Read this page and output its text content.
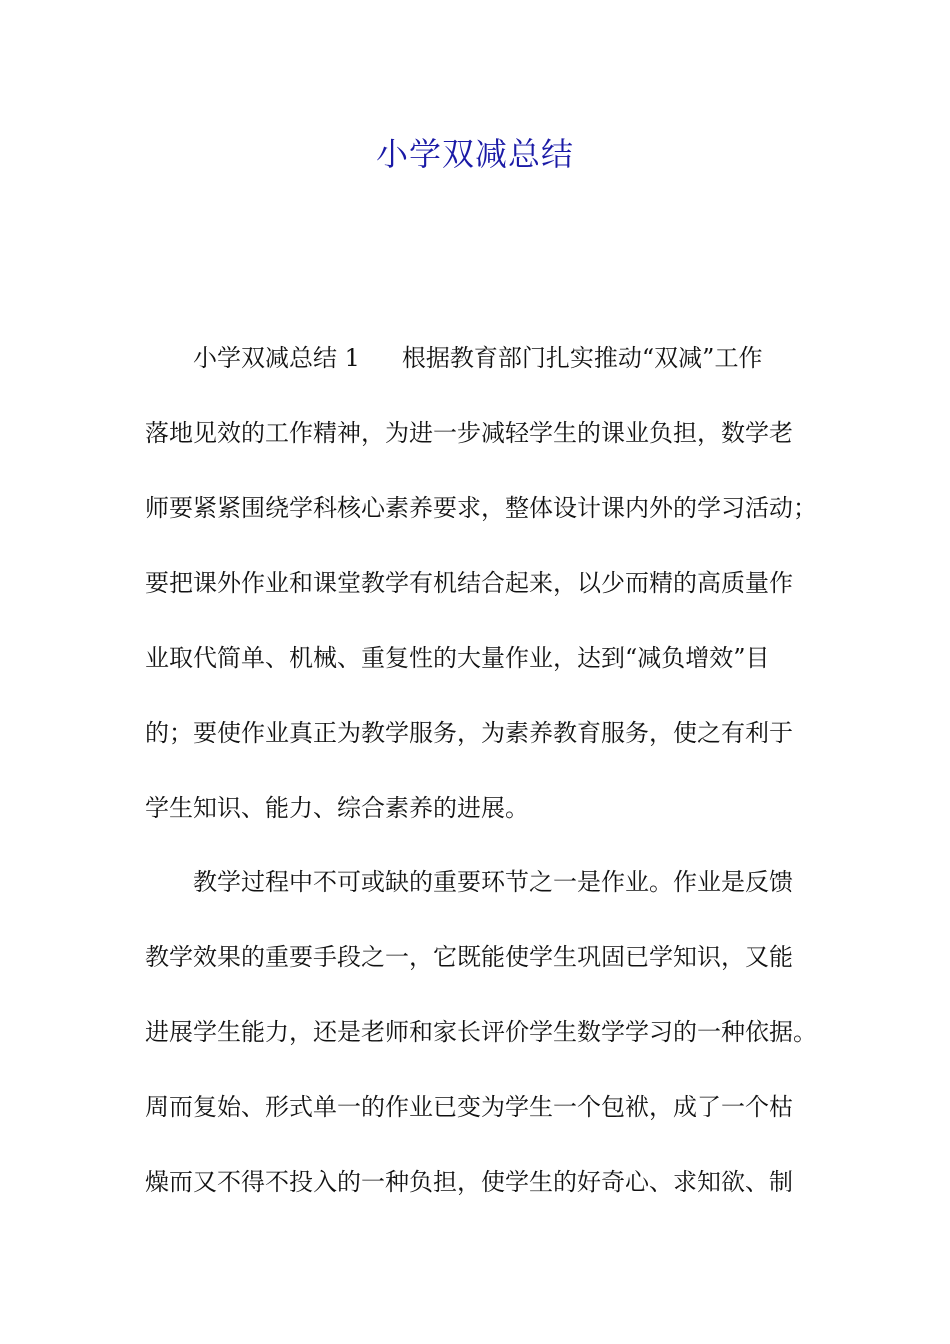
小学双减总结

小学双减总结 1 根据教育部门扎实推动“双减”工作

落地见效的工作精神，为进一步减轻学生的课业负担，数学老

师要紧紧围绕学科核心素养要求，整体设计课内外的学习活动；

要把课外作业和课堂教学有机结合起来，以少而精的高质量作

业取代简单、机械、重复性的大量作业，达到“减负增效”目

的；要使作业真正为教学服务，为素养教育服务，使之有利于

学生知识、能力、综合素养的进展。

教学过程中不可或缺的重要环节之一是作业。作业是反馈

教学效果的重要手段之一，它既能使学生巩固已学知识，又能

进展学生能力，还是老师和家长评价学生数学学习的一种依据。

周而复始、形式单一的作业已变为学生一个包袱，成了一个枯

燥而又不得不投入的一种负担，使学生的好奇心、求知欲、制
